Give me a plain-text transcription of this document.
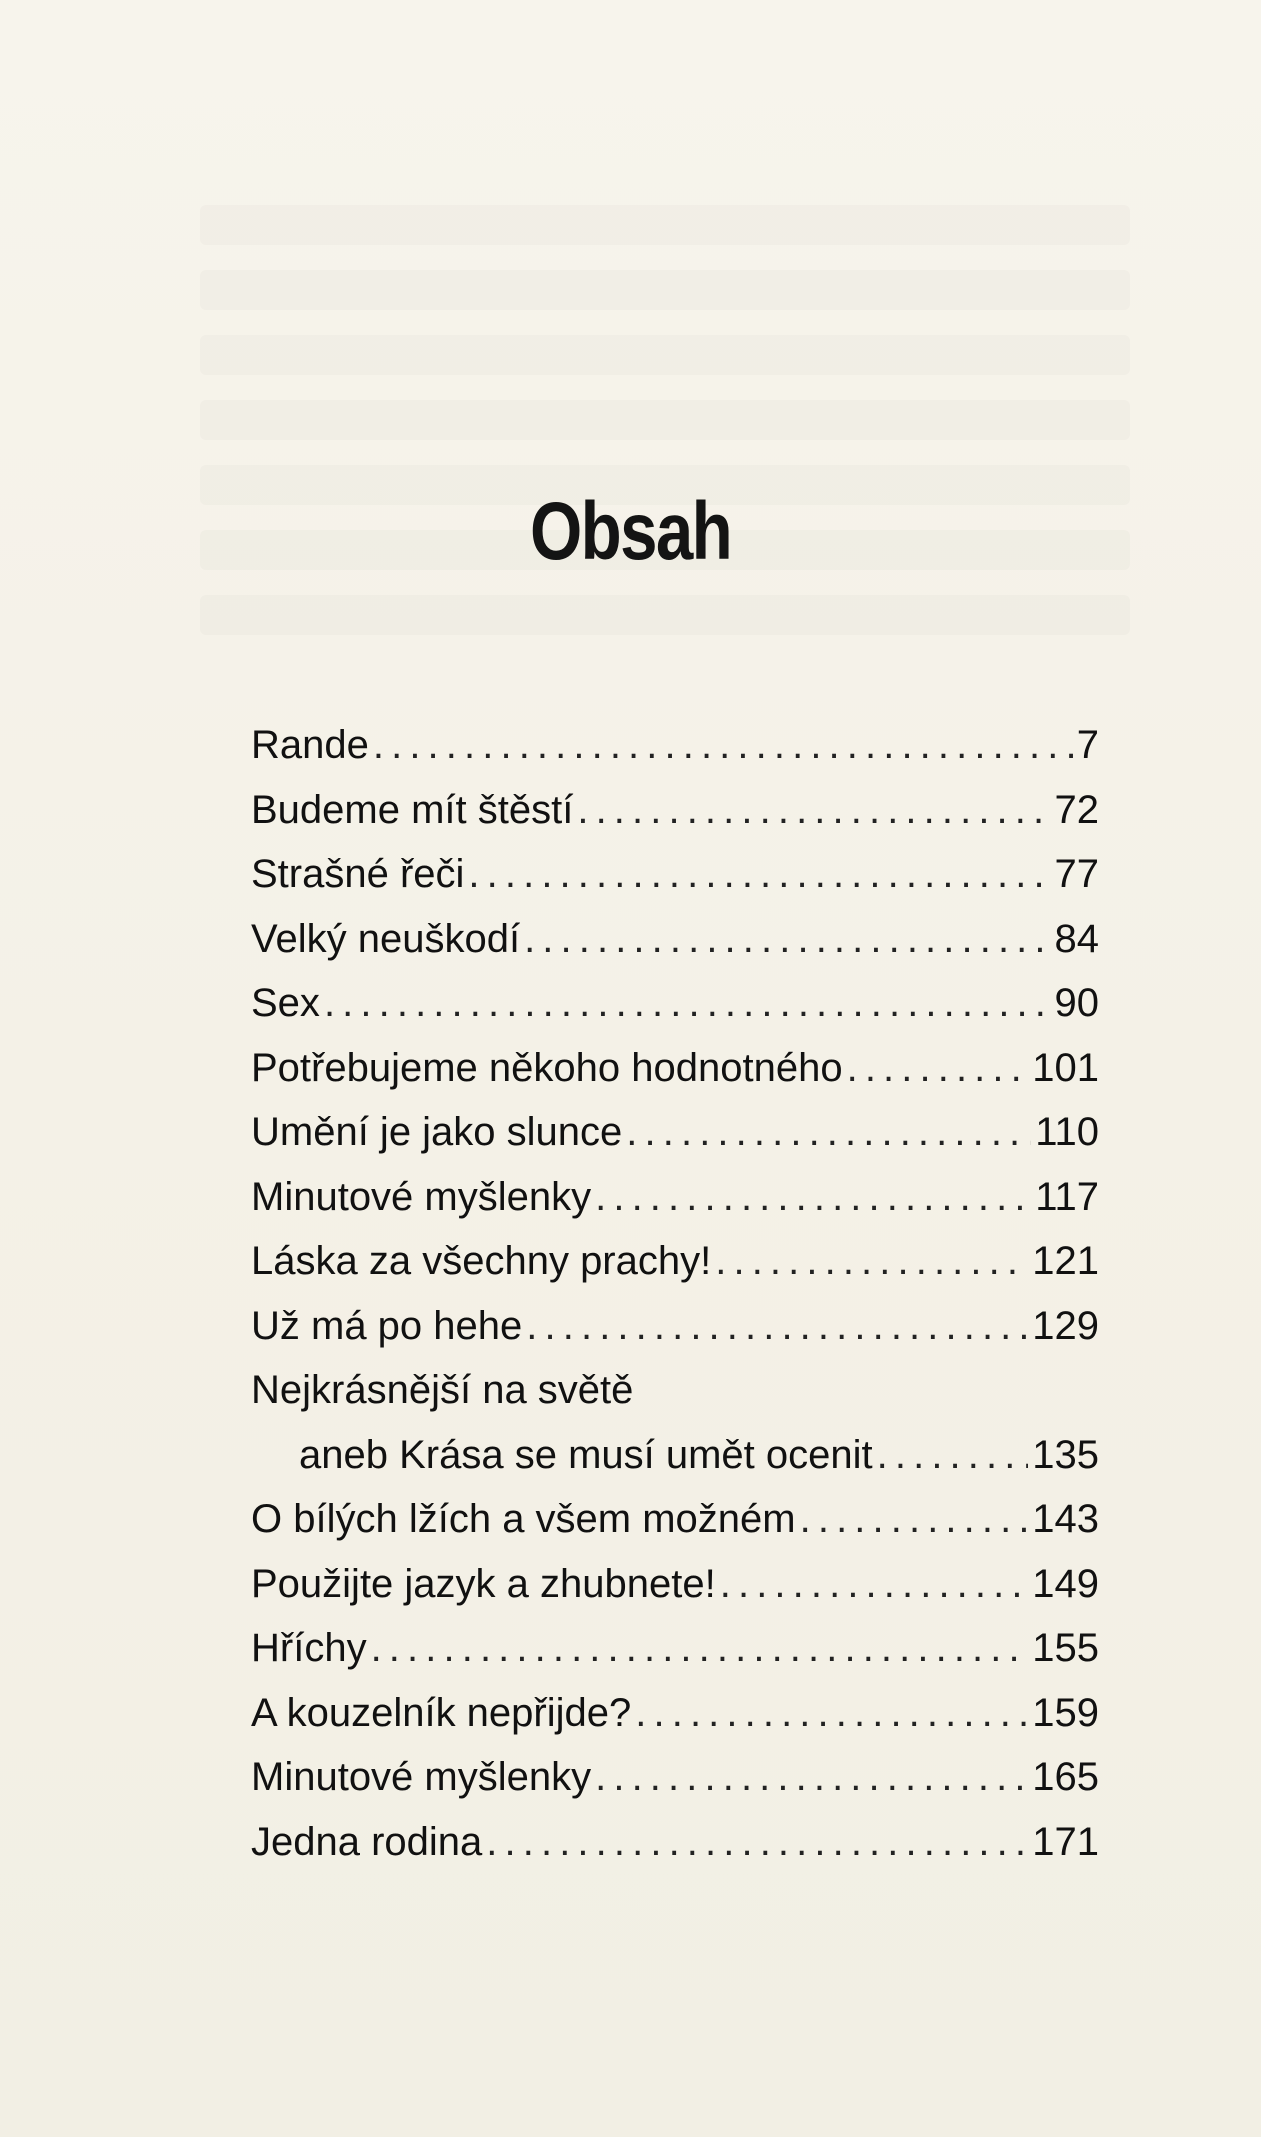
Obsah
Rande . . .	7
Budeme mít štěstí . . .	72
Strašné řeči . . .	77
Velký neuškodí . . .	84
Sex . . .	90
Potřebujeme někoho hodnotného . . .	101
Umění je jako slunce . . .	110
Minutové myšlenky . . .	117
Láska za všechny prachy! . . .	121
Už má po hehe . . .	129
Nejkrásnější na světě
aneb Krása se musí umět ocenit . . .	135
O bílých lžích a všem možném . . .	143
Použijte jazyk a zhubnete! . . .	149
Hříchy . . .	155
A kouzelník nepřijde? . . .	159
Minutové myšlenky . . .	165
Jedna rodina . . .	171
